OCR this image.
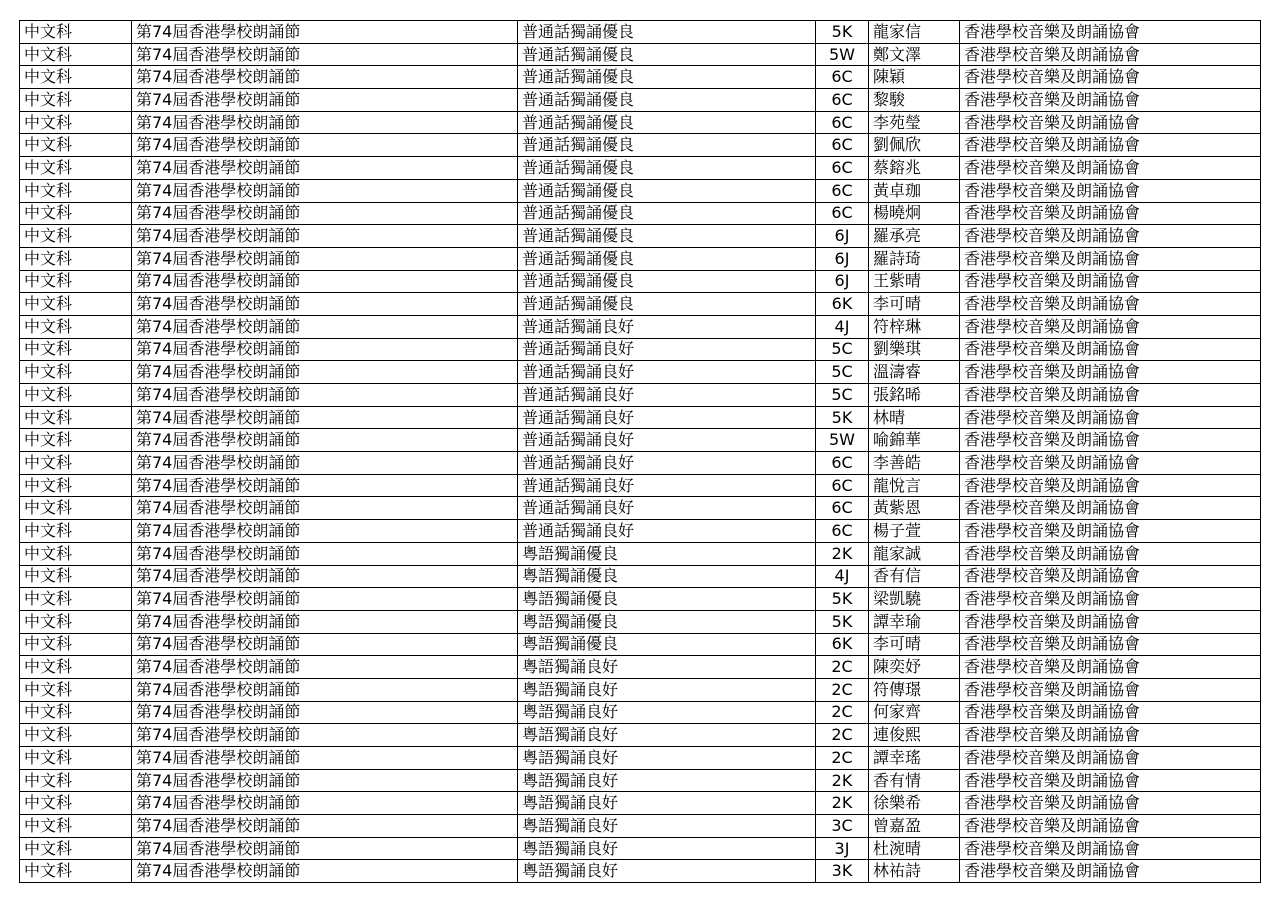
中文科	第74屆香港學校朗誦節	普通話獨誦優良	5K	龍家信	香港學校音樂及朗誦協會
中文科	第74屆香港學校朗誦節	普通話獨誦優良	5W	鄭文澤	香港學校音樂及朗誦協會
中文科	第74屆香港學校朗誦節	普通話獨誦優良	6C	陳穎	香港學校音樂及朗誦協會
中文科	第74屆香港學校朗誦節	普通話獨誦優良	6C	黎駿	香港學校音樂及朗誦協會
中文科	第74屆香港學校朗誦節	普通話獨誦優良	6C	李苑瑩	香港學校音樂及朗誦協會
中文科	第74屆香港學校朗誦節	普通話獨誦優良	6C	劉佩欣	香港學校音樂及朗誦協會
中文科	第74屆香港學校朗誦節	普通話獨誦優良	6C	蔡鎔兆	香港學校音樂及朗誦協會
中文科	第74屆香港學校朗誦節	普通話獨誦優良	6C	黃卓珈	香港學校音樂及朗誦協會
中文科	第74屆香港學校朗誦節	普通話獨誦優良	6C	楊曉炯	香港學校音樂及朗誦協會
中文科	第74屆香港學校朗誦節	普通話獨誦優良	6J	羅承亮	香港學校音樂及朗誦協會
中文科	第74屆香港學校朗誦節	普通話獨誦優良	6J	羅詩琦	香港學校音樂及朗誦協會
中文科	第74屆香港學校朗誦節	普通話獨誦優良	6J	王紫晴	香港學校音樂及朗誦協會
中文科	第74屆香港學校朗誦節	普通話獨誦優良	6K	李可晴	香港學校音樂及朗誦協會
中文科	第74屆香港學校朗誦節	普通話獨誦良好	4J	符梓琳	香港學校音樂及朗誦協會
中文科	第74屆香港學校朗誦節	普通話獨誦良好	5C	劉樂琪	香港學校音樂及朗誦協會
中文科	第74屆香港學校朗誦節	普通話獨誦良好	5C	溫濤睿	香港學校音樂及朗誦協會
中文科	第74屆香港學校朗誦節	普通話獨誦良好	5C	張銘晞	香港學校音樂及朗誦協會
中文科	第74屆香港學校朗誦節	普通話獨誦良好	5K	林晴	香港學校音樂及朗誦協會
中文科	第74屆香港學校朗誦節	普通話獨誦良好	5W	喻錦華	香港學校音樂及朗誦協會
中文科	第74屆香港學校朗誦節	普通話獨誦良好	6C	李善皓	香港學校音樂及朗誦協會
中文科	第74屆香港學校朗誦節	普通話獨誦良好	6C	龍悅言	香港學校音樂及朗誦協會
中文科	第74屆香港學校朗誦節	普通話獨誦良好	6C	黃紫恩	香港學校音樂及朗誦協會
中文科	第74屆香港學校朗誦節	普通話獨誦良好	6C	楊子萱	香港學校音樂及朗誦協會
中文科	第74屆香港學校朗誦節	粵語獨誦優良	2K	龍家誠	香港學校音樂及朗誦協會
中文科	第74屆香港學校朗誦節	粵語獨誦優良	4J	香有信	香港學校音樂及朗誦協會
中文科	第74屆香港學校朗誦節	粵語獨誦優良	5K	梁凱驍	香港學校音樂及朗誦協會
中文科	第74屆香港學校朗誦節	粵語獨誦優良	5K	譚幸瑜	香港學校音樂及朗誦協會
中文科	第74屆香港學校朗誦節	粵語獨誦優良	6K	李可晴	香港學校音樂及朗誦協會
中文科	第74屆香港學校朗誦節	粵語獨誦良好	2C	陳奕妤	香港學校音樂及朗誦協會
中文科	第74屆香港學校朗誦節	粵語獨誦良好	2C	符傳璟	香港學校音樂及朗誦協會
中文科	第74屆香港學校朗誦節	粵語獨誦良好	2C	何家齊	香港學校音樂及朗誦協會
中文科	第74屆香港學校朗誦節	粵語獨誦良好	2C	連俊熙	香港學校音樂及朗誦協會
中文科	第74屆香港學校朗誦節	粵語獨誦良好	2C	譚幸瑤	香港學校音樂及朗誦協會
中文科	第74屆香港學校朗誦節	粵語獨誦良好	2K	香有情	香港學校音樂及朗誦協會
中文科	第74屆香港學校朗誦節	粵語獨誦良好	2K	徐樂希	香港學校音樂及朗誦協會
中文科	第74屆香港學校朗誦節	粵語獨誦良好	3C	曾嘉盈	香港學校音樂及朗誦協會
中文科	第74屆香港學校朗誦節	粵語獨誦良好	3J	杜涴晴	香港學校音樂及朗誦協會
中文科	第74屆香港學校朗誦節	粵語獨誦良好	3K	林祐詩	香港學校音樂及朗誦協會
